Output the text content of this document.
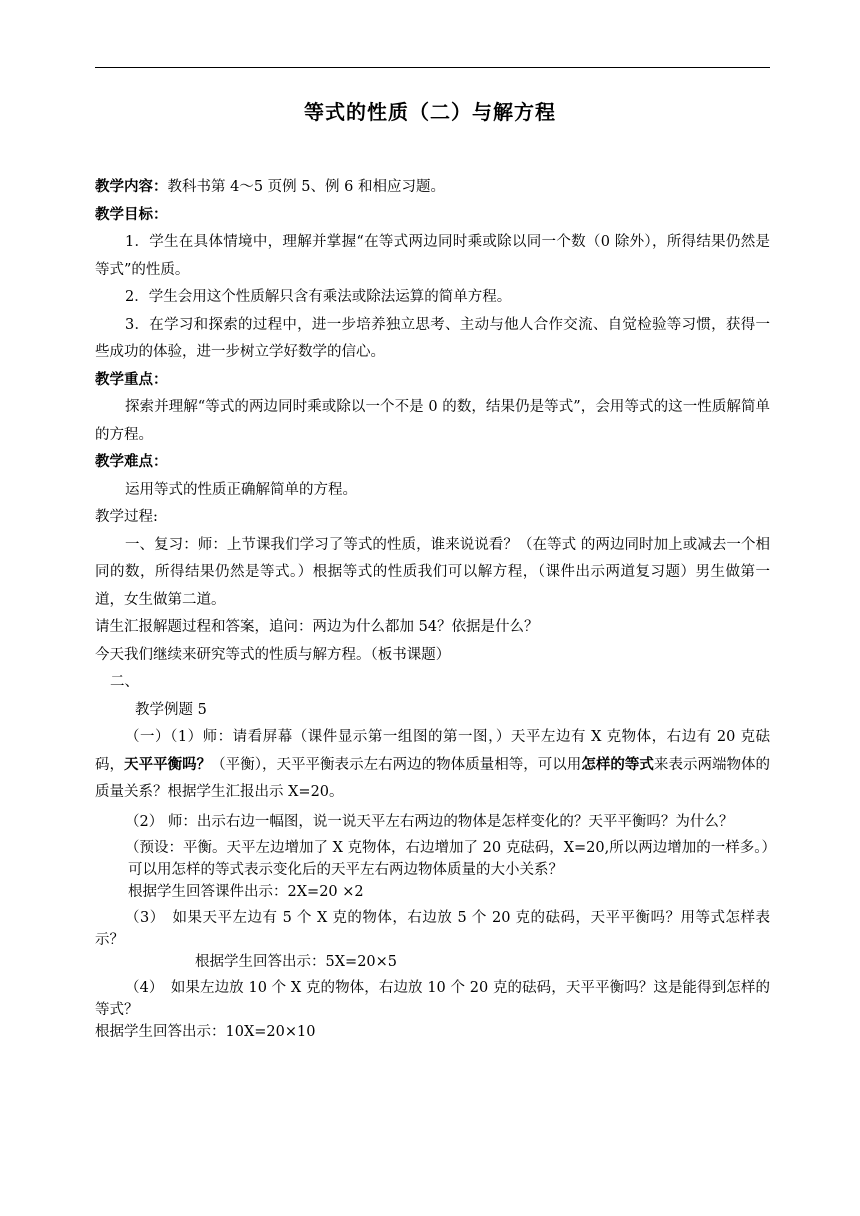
等式的性质（二）与解方程

教学内容：教科书第 4～5 页例 5、例 6 和相应习题。

教学目标：

1．学生在具体情境中，理解并掌握“在等式两边同时乘或除以同一个数（0 除外），所得结果仍然是等式”的性质。

2．学生会用这个性质解只含有乘法或除法运算的简单方程。

3．在学习和探索的过程中，进一步培养独立思考、主动与他人合作交流、自觉检验等习惯，获得一些成功的体验，进一步树立学好数学的信心。

教学重点：

探索并理解“等式的两边同时乘或除以一个不是 0 的数，结果仍是等式”，会用等式的这一性质解简单的方程。

教学难点：

运用等式的性质正确解简单的方程。

教学过程:

一、复习：师：上节课我们学习了等式的性质，谁来说说看？（在等式 的两边同时加上或减去一个相同的数，所得结果仍然是等式。）根据等式的性质我们可以解方程，（课件出示两道复习题）男生做第一道，女生做第二道。

请生汇报解题过程和答案，追问：两边为什么都加 54？依据是什么？

今天我们继续来研究等式的性质与解方程。（板书课题）

二、

教学例题 5

（一）（1）师：请看屏幕（课件显示第一组图的第一图，）天平左边有 X 克物体，右边有 20 克砝码，天平平衡吗？（平衡），天平平衡表示左右两边的物体质量相等，可以用怎样的等式来表示两端物体的质量关系？根据学生汇报出示 X=20。

（2） 师：出示右边一幅图，说一说天平左右两边的物体是怎样变化的？天平平衡吗？为什么？

（预设：平衡。天平左边增加了 X 克物体，右边增加了 20 克砝码，X=20,所以两边增加的一样多。）

可以用怎样的等式表示变化后的天平左右两边物体质量的大小关系？

根据学生回答课件出示：2X=20 ×2

（3）　如果天平左边有 5 个 X 克的物体，右边放 5 个 20 克的砝码，天平平衡吗？用等式怎样表示？

根据学生回答出示：5X=20×5

（4）　如果左边放 10 个 X 克的物体，右边放 10 个 20 克的砝码，天平平衡吗？这是能得到怎样的等式？

根据学生回答出示：10X=20×10
